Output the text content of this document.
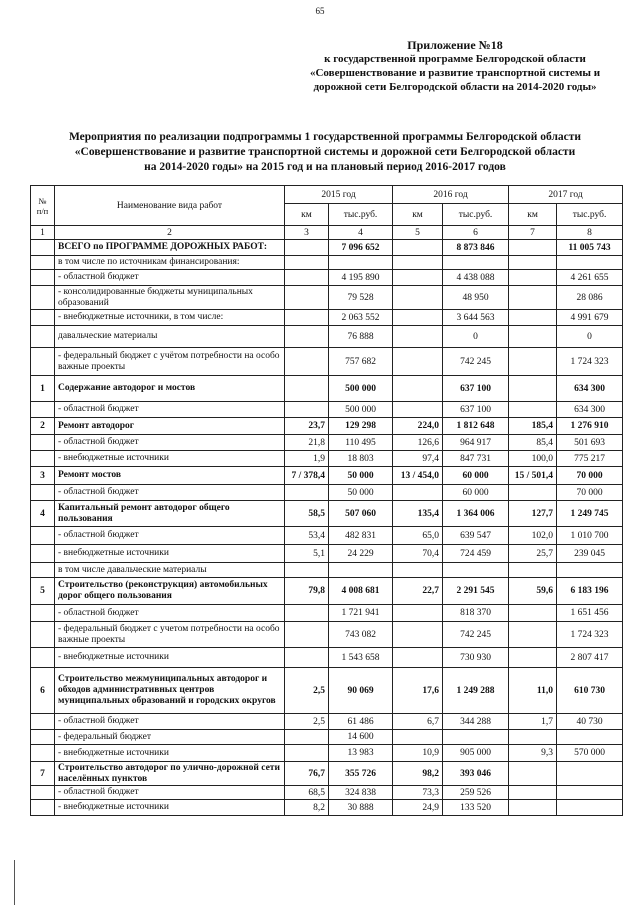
65
Приложение №18
к государственной программе Белгородской области
«Совершенствование и развитие транспортной системы и
дорожной сети Белгородской области на 2014-2020 годы»
Мероприятия по реализации подпрограммы 1 государственной программы Белгородской области
«Совершенствование и развитие транспортной системы и дорожной сети Белгородской области
на 2014-2020 годы» на 2015 год и на плановый период 2016-2017 годов
№ п/п	Наименование вида работ	2015 год		2016 год		2017 год	
		км	тыс.руб.	км	тыс.руб.	км	тыс.руб.
1	2	3	4	5	6	7	8
	ВСЕГО по ПРОГРАММЕ ДОРОЖНЫХ РАБОТ:		7 096 652		8 873 846		11 005 743
	в том числе по источникам финансирования:						
	- областной бюджет		4 195 890		4 438 088		4 261 655
	- консолидированные бюджеты муниципальных образований		79 528		48 950		28 086
	- внебюджетные источники, в том числе:		2 063 552		3 644 563		4 991 679
	давальческие материалы		76 888		0		0
	- федеральный бюджет с учётом потребности на особо важные проекты		757 682		742 245		1 724 323
1	Содержание автодорог и мостов		500 000		637 100		634 300
	- областной бюджет		500 000		637 100		634 300
2	Ремонт автодорог	23,7	129 298	224,0	1 812 648	185,4	1 276 910
	- областной бюджет	21,8	110 495	126,6	964 917	85,4	501 693
	- внебюджетные источники	1,9	18 803	97,4	847 731	100,0	775 217
3	Ремонт мостов	7 / 378,4	50 000	13 / 454,0	60 000	15 / 501,4	70 000
	- областной бюджет		50 000		60 000		70 000
4	Капитальный ремонт автодорог общего пользования	58,5	507 060	135,4	1 364 006	127,7	1 249 745
	- областной бюджет	53,4	482 831	65,0	639 547	102,0	1 010 700
	- внебюджетные источники	5,1	24 229	70,4	724 459	25,7	239 045
	в том числе давальческие материалы						
5	Строительство (реконструкция) автомобильных дорог общего пользования	79,8	4 008 681	22,7	2 291 545	59,6	6 183 196
	- областной бюджет		1 721 941		818 370		1 651 456
	- федеральный бюджет с учетом потребности на особо важные проекты		743 082		742 245		1 724 323
	- внебюджетные источники		1 543 658		730 930		2 807 417
6	Строительство межмуниципальных автодорог и обходов административных центров муниципальных образований и городских округов	2,5	90 069	17,6	1 249 288	11,0	610 730
	- областной бюджет	2,5	61 486	6,7	344 288	1,7	40 730
	- федеральный бюджет		14 600				
	- внебюджетные источники		13 983	10,9	905 000	9,3	570 000
7	Строительство автодорог по улично-дорожной сети населённых пунктов	76,7	355 726	98,2	393 046		
	- областной бюджет	68,5	324 838	73,3	259 526		
	- внебюджетные источники	8,2	30 888	24,9	133 520		
